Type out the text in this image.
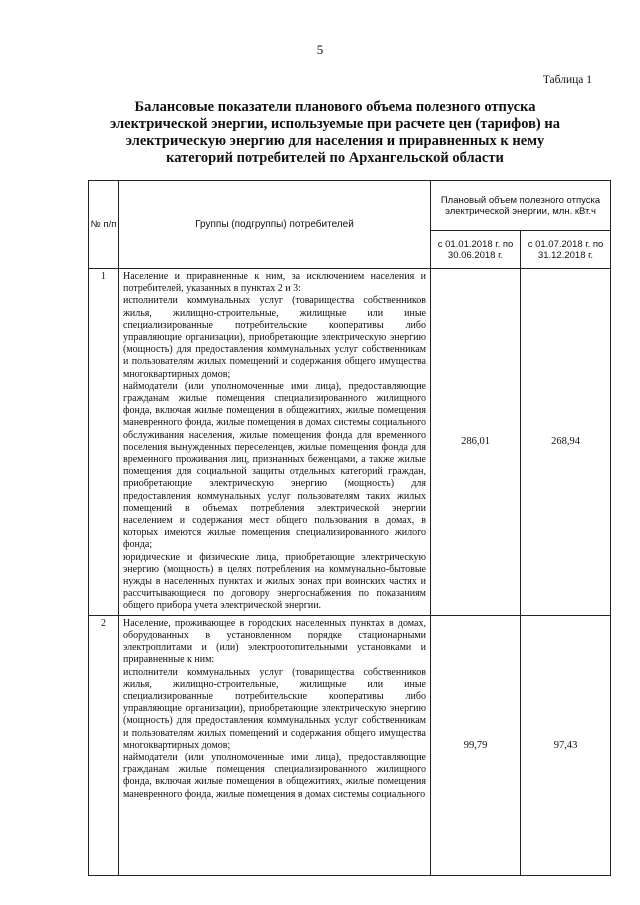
5
Таблица 1
Балансовые показатели планового объема полезного отпуска электрической энергии, используемые при расчете цен (тарифов) на электрическую энергию для населения и приравненных к нему категорий потребителей по Архангельской области
№ п/п	Группы (подгруппы) потребителей	Плановый объем полезного отпуска электрической энергии, млн. кВт.ч	
		с 01.01.2018 г. по 30.06.2018 г.	с 01.07.2018 г. по 31.12.2018 г.
1	Население и приравненные к ним, за исключением населения и потребителей, указанных в пунктах 2 и 3:

исполнители коммунальных услуг (товарищества собственников жилья, жилищно-строительные, жилищные или иные специализированные потребительские кооперативы либо управляющие организации), приобретающие электрическую энергию (мощность) для предоставления коммунальных услуг собственникам и пользователям жилых помещений и содержания общего имущества многоквартирных домов;

наймодатели (или уполномоченные ими лица), предоставляющие гражданам жилые помещения специализированного жилищного фонда, включая жилые помещения в общежитиях, жилые помещения маневренного фонда, жилые помещения в домах системы социального обслуживания населения, жилые помещения фонда для временного поселения вынужденных переселенцев, жилые помещения фонда для временного проживания лиц, признанных беженцами, а также жилые помещения для социальной защиты отдельных категорий граждан, приобретающие электрическую энергию (мощность) для предоставления коммунальных услуг пользователям таких жилых помещений в объемах потребления электрической энергии населением и содержания мест общего пользования в домах, в которых имеются жилые помещения специализированного жилого фонда;

юридические и физические лица, приобретающие электрическую энергию (мощность) в целях потребления на коммунально-бытовые нужды в населенных пунктах и жилых зонах при воинских частях и рассчитывающиеся по договору энергоснабжения по показаниям общего прибора учета электрической энергии.	286,01	268,94
2	Население, проживающее в городских населенных пунктах в домах, оборудованных в установленном порядке стационарными электроплитами и (или) электроотопительными установками и приравненные к ним:

исполнители коммунальных услуг (товарищества собственников жилья, жилищно-строительные, жилищные или иные специализированные потребительские кооперативы либо управляющие организации), приобретающие электрическую энергию (мощность) для предоставления коммунальных услуг собственникам и пользователям жилых помещений и содержания общего имущества многоквартирных домов;

наймодатели (или уполномоченные ими лица), предоставляющие гражданам жилые помещения специализированного жилищного фонда, включая жилые помещения в общежитиях, жилые помещения маневренного фонда, жилые помещения в домах системы социального	99,79	97,43
